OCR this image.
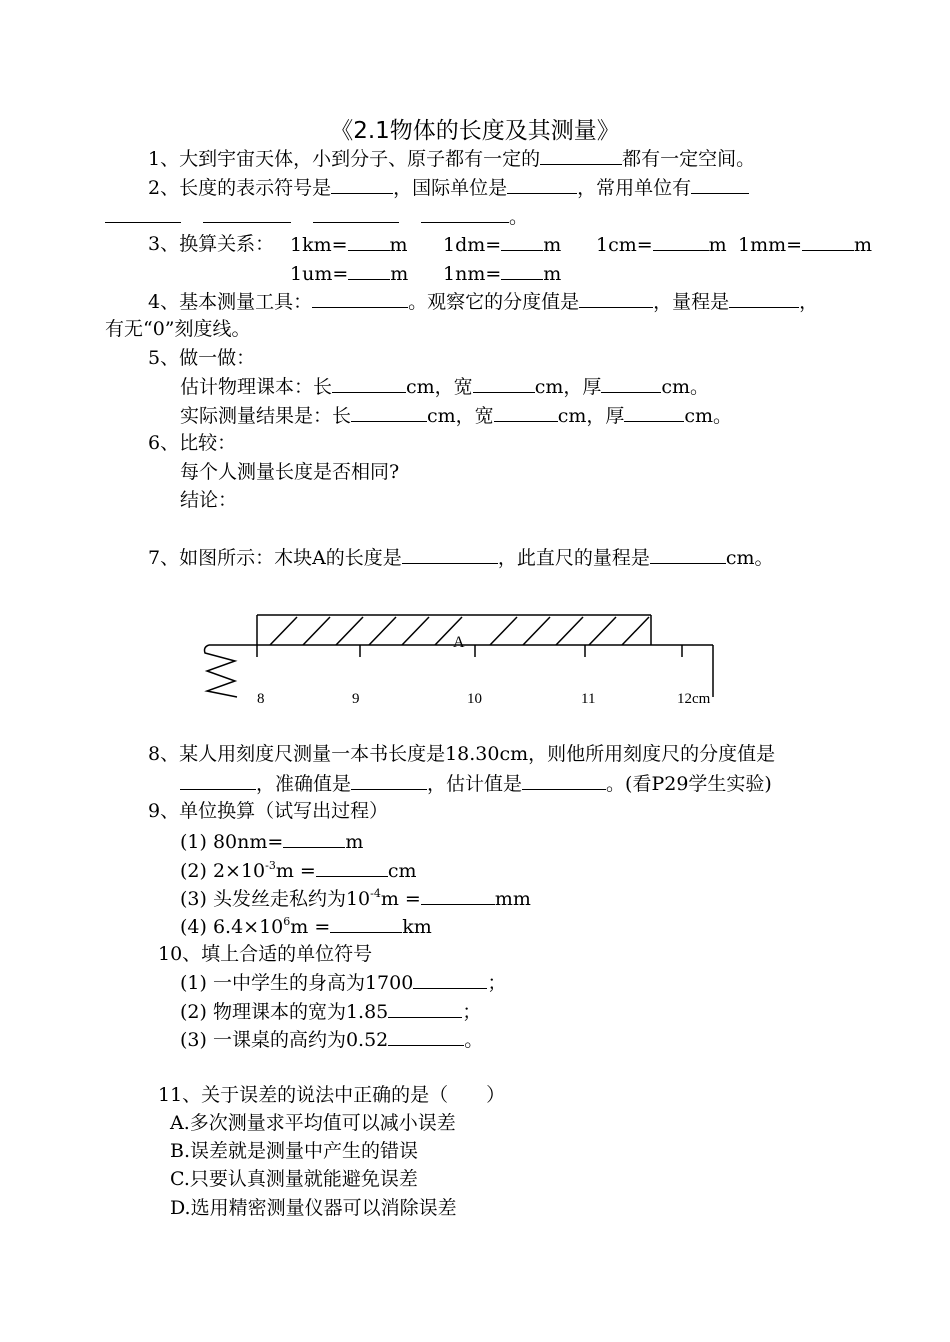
《2.1物体的长度及其测量》
1、大到宇宙天体，小到分子、原子都有一定的	都有一定空间。
2、长度的表示符号是	，国际单位是	，常用单位有
。
3、换算关系： 1km= m 1dm= m 1cm=	m 1mm=	m
1um= m 1nm= m
4、基本测量工具：	。观察它的分度值是	，量程是	，
有无“0”刻度线。
5、做一做：
估计物理课本：长	cm，宽	cm，厚	cm。
实际测量结果是：长	cm，宽	cm，厚	cm。
6、比较：
每个人测量长度是否相同?
结论：
7、如图所示：木块A的长度是	，此直尺的量程是	cm。
A
8	9	10	11	12cm
8、某人用刻度尺测量一本书长度是18.30cm，则他所用刻度尺的分度值是
，准确值是	，估计值是	。(看P29学生实验)
9、单位换算（试写出过程）
(1) 80nm=	m
(2) $2\times 10^{-3}m$ =	cm
(3) 头发丝走私约为$10^{-4}m$ =	mm
(4) $6.4\times 10^6m$ =	km
10、填上合适的单位符号
(1) 一中学生的身高为1700	；
(2) 物理课本的宽为1.85	；
(3) 一课桌的高约为0.52	。
11、关于误差的说法中正确的是（　　）
A.多次测量求平均值可以减小误差
B.误差就是测量中产生的错误
C.只要认真测量就能避免误差
D.选用精密测量仪器可以消除误差
